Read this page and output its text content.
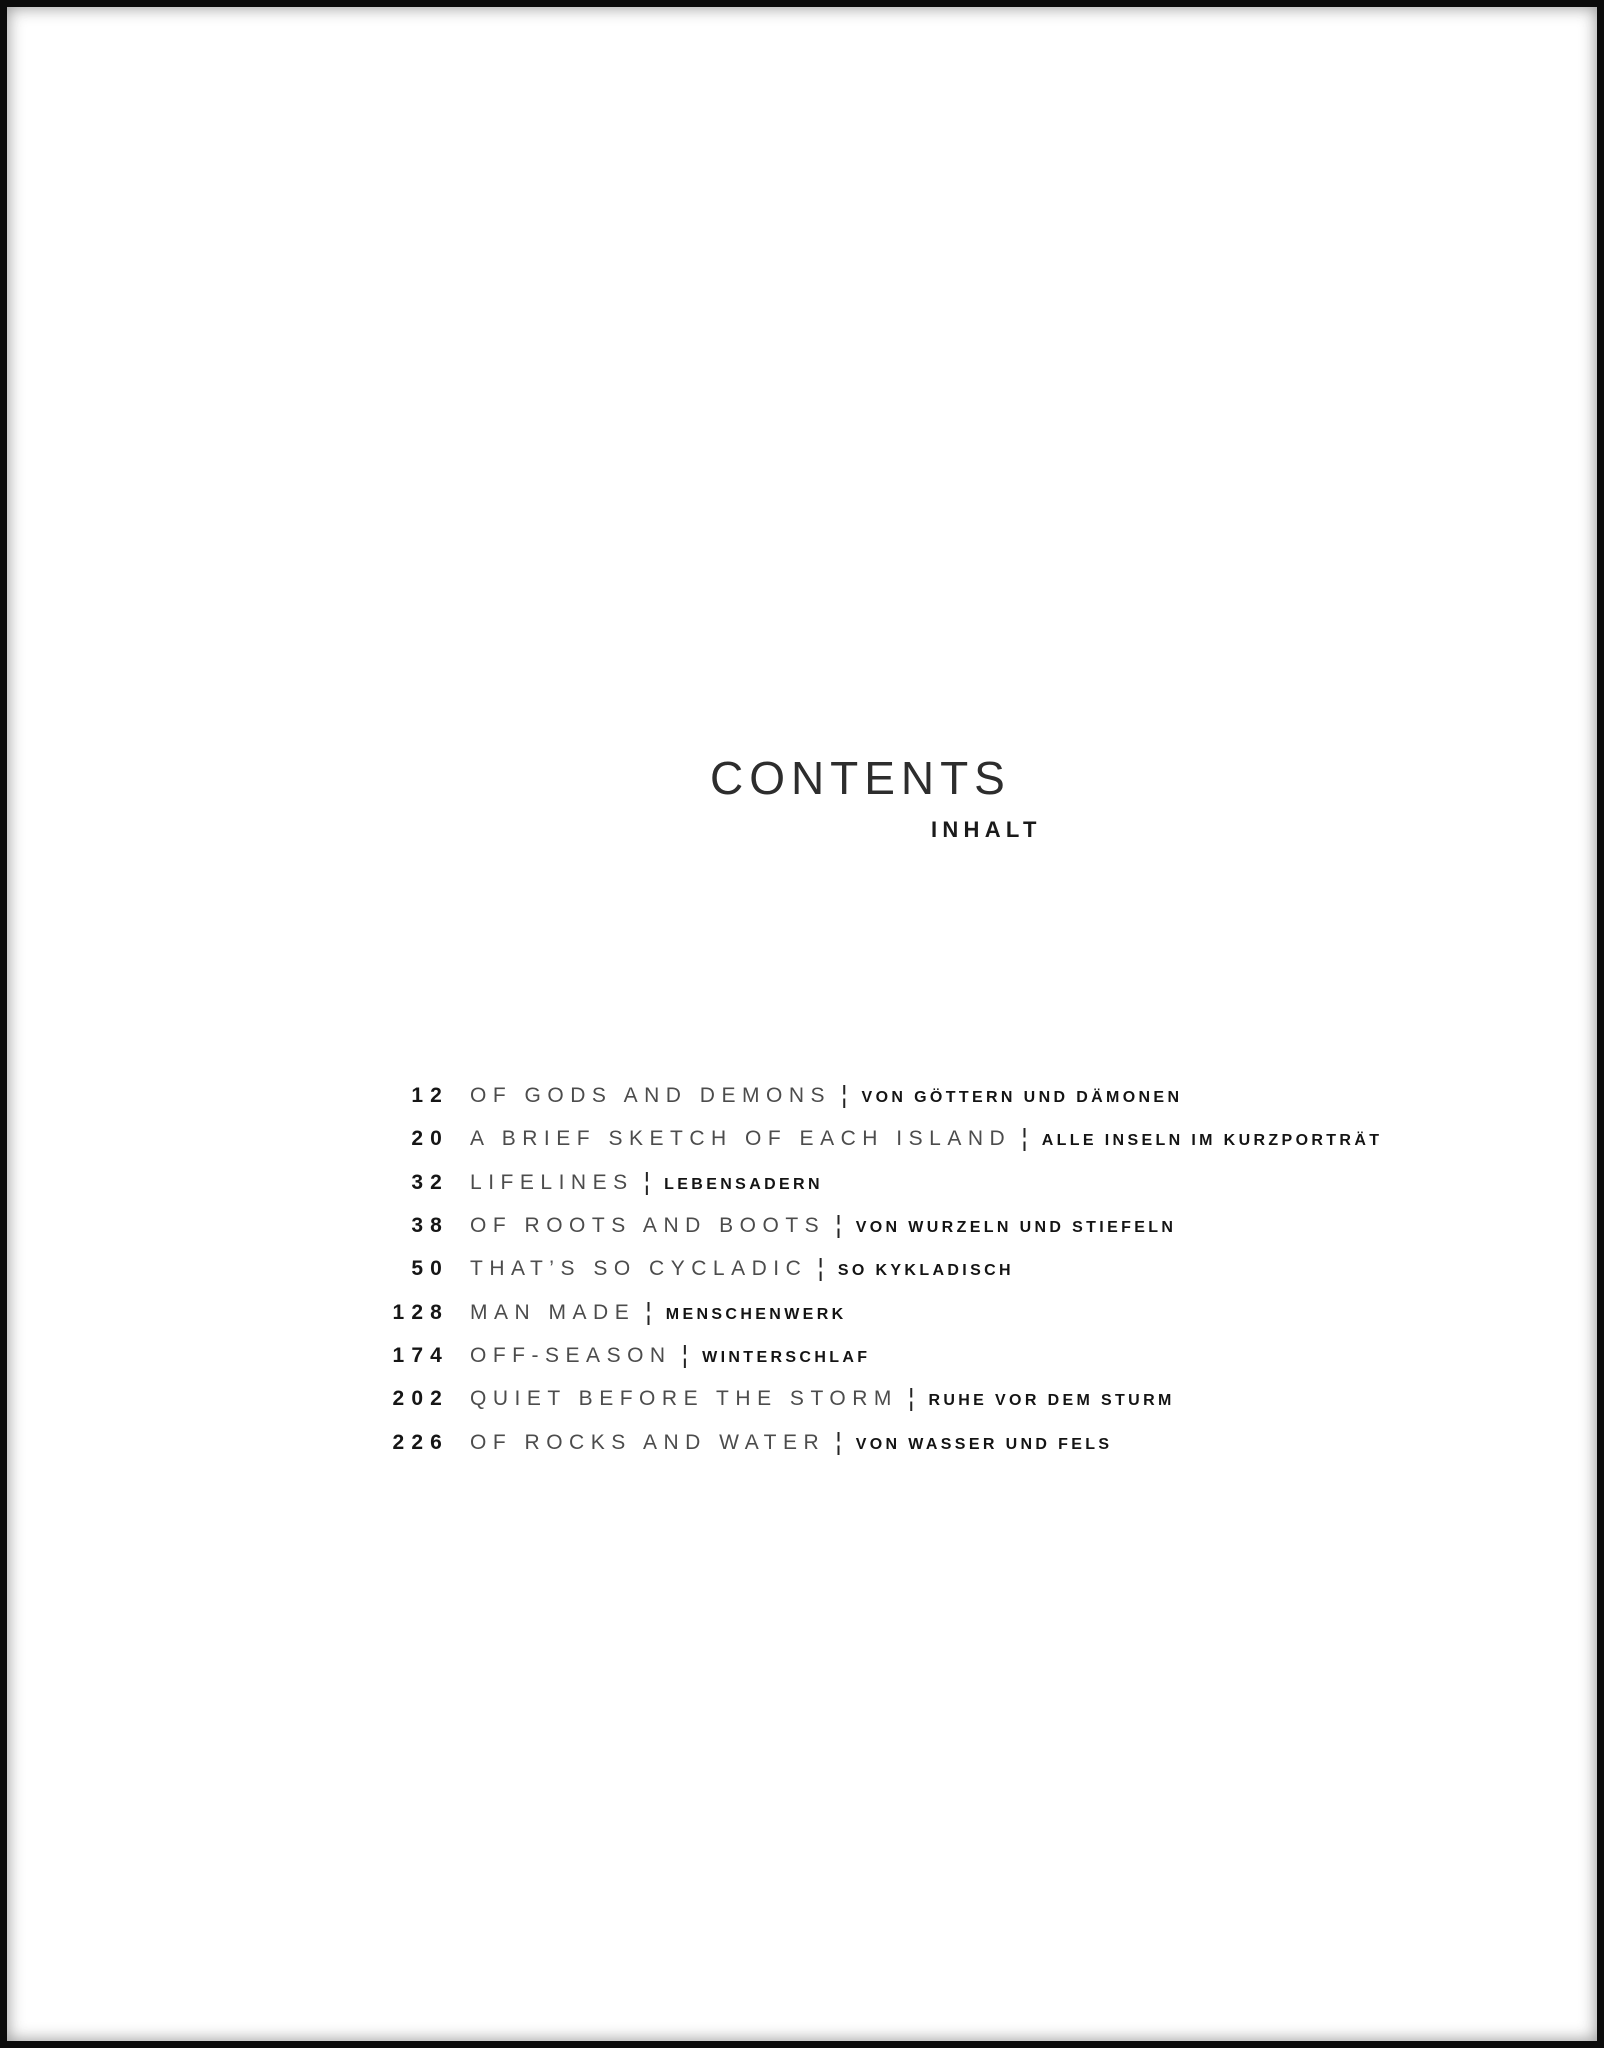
CONTENTS
INHALT
12 OF GODS AND DEMONS ¦ VON GÖTTERN UND DÄMONEN
20 A BRIEF SKETCH OF EACH ISLAND ¦ ALLE INSELN IM KURZPORTRÄT
32 LIFELINES ¦ LEBENSADERN
38 OF ROOTS AND BOOTS ¦ VON WURZELN UND STIEFELN
50 THAT’S SO CYCLADIC ¦ SO KYKLADISCH
128 MAN MADE ¦ MENSCHENWERK
174 OFF-SEASON ¦ WINTERSCHLAF
202 QUIET BEFORE THE STORM ¦ RUHE VOR DEM STURM
226 OF ROCKS AND WATER ¦ VON WASSER UND FELS
